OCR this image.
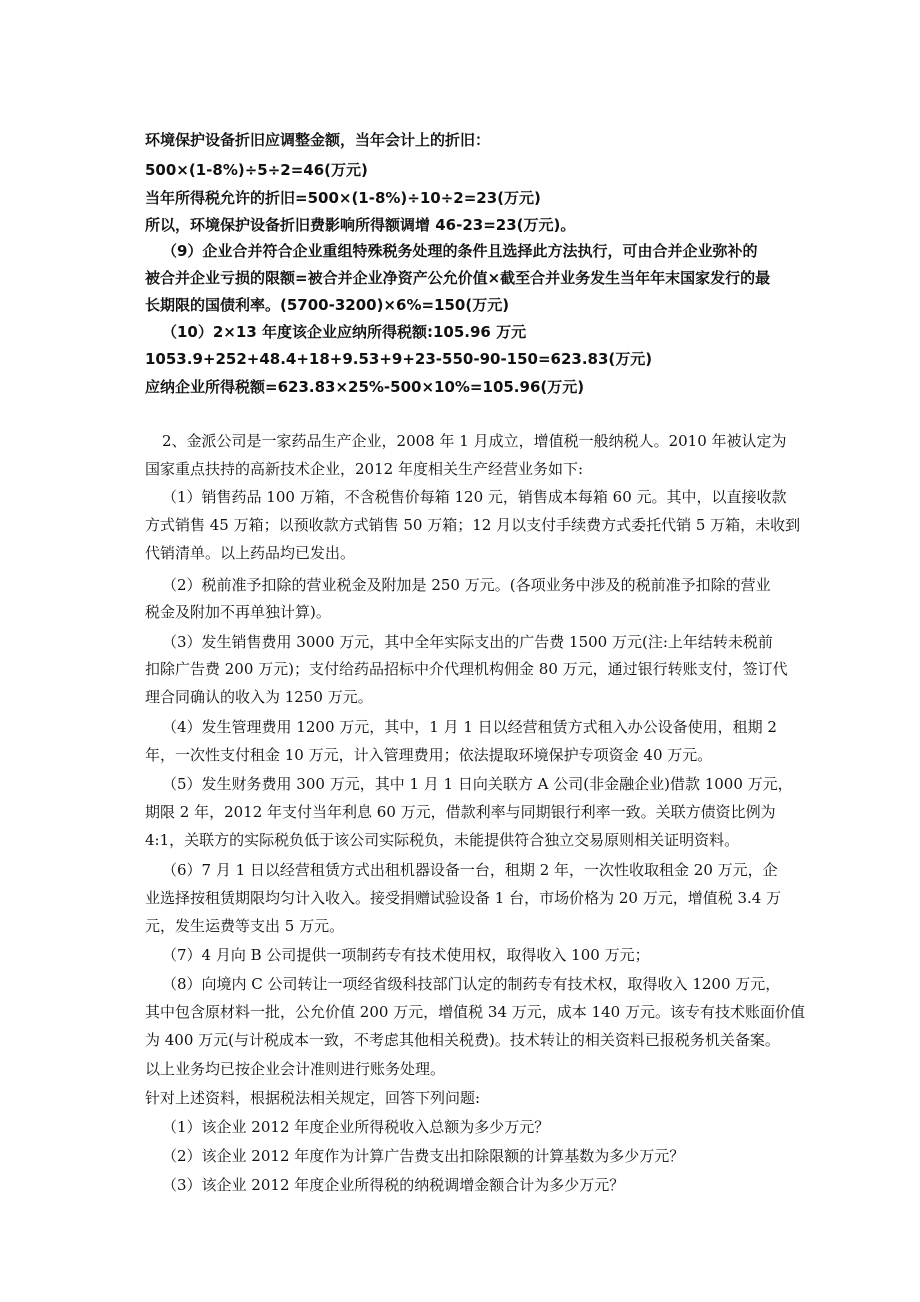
环境保护设备折旧应调整金额，当年会计上的折旧：
500×(1-8%)÷5÷2=46(万元)
当年所得税允许的折旧=500×(1-8%)÷10÷2=23(万元)
所以，环境保护设备折旧费影响所得额调增 46-23=23(万元)。
（9）企业合并符合企业重组特殊税务处理的条件且选择此方法执行，可由合并企业弥补的
被合并企业亏损的限额=被合并企业净资产公允价值×截至合并业务发生当年年末国家发行的最
长期限的国债利率。(5700-3200)×6%=150(万元)
（10）2×13 年度该企业应纳所得税额:105.96 万元
1053.9+252+48.4+18+9.53+9+23-550-90-150=623.83(万元)
应纳企业所得税额=623.83×25%-500×10%=105.96(万元)
2、金派公司是一家药品生产企业，2008 年 1 月成立，增值税一般纳税人。2010 年被认定为
国家重点扶持的高新技术企业，2012 年度相关生产经营业务如下:
（1）销售药品 100 万箱，不含税售价每箱 120 元，销售成本每箱 60 元。其中，以直接收款
方式销售 45 万箱；以预收款方式销售 50 万箱；12 月以支付手续费方式委托代销 5 万箱，未收到
代销清单。以上药品均已发出。
（2）税前准予扣除的营业税金及附加是 250 万元。(各项业务中涉及的税前准予扣除的营业
税金及附加不再单独计算)。
（3）发生销售费用 3000 万元，其中全年实际支出的广告费 1500 万元(注:上年结转未税前
扣除广告费 200 万元)；支付给药品招标中介代理机构佣金 80 万元，通过银行转账支付，签订代
理合同确认的收入为 1250 万元。
（4）发生管理费用 1200 万元，其中，1 月 1 日以经营租赁方式租入办公设备使用，租期 2
年，一次性支付租金 10 万元，计入管理费用；依法提取环境保护专项资金 40 万元。
（5）发生财务费用 300 万元，其中 1 月 1 日向关联方 A 公司(非金融企业)借款 1000 万元，
期限 2 年，2012 年支付当年利息 60 万元，借款利率与同期银行利率一致。关联方债资比例为
4:1，关联方的实际税负低于该公司实际税负，未能提供符合独立交易原则相关证明资料。
（6）7 月 1 日以经营租赁方式出租机器设备一台，租期 2 年，一次性收取租金 20 万元，企
业选择按租赁期限均匀计入收入。接受捐赠试验设备 1 台，市场价格为 20 万元，增值税 3.4 万
元，发生运费等支出 5 万元。
（7）4 月向 B 公司提供一项制药专有技术使用权，取得收入 100 万元；
（8）向境内 C 公司转让一项经省级科技部门认定的制药专有技术权，取得收入 1200 万元，
其中包含原材料一批，公允价值 200 万元，增值税 34 万元，成本 140 万元。该专有技术账面价值
为 400 万元(与计税成本一致，不考虑其他相关税费)。技术转让的相关资料已报税务机关备案。
以上业务均已按企业会计准则进行账务处理。
针对上述资料，根据税法相关规定，回答下列问题:
（1）该企业 2012 年度企业所得税收入总额为多少万元？
（2）该企业 2012 年度作为计算广告费支出扣除限额的计算基数为多少万元？
（3）该企业 2012 年度企业所得税的纳税调增金额合计为多少万元？
